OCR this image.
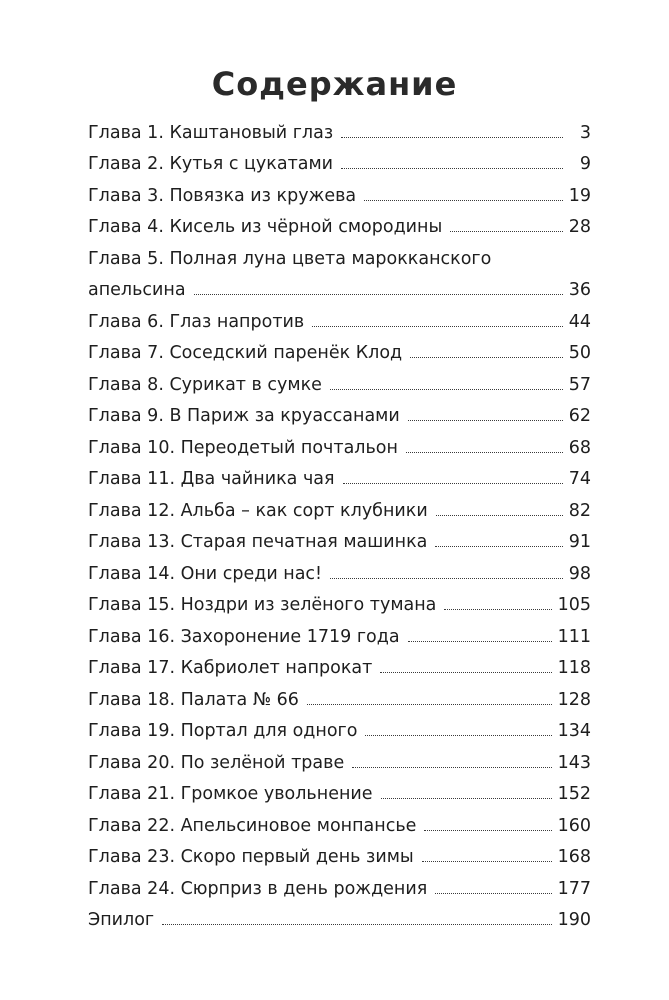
Содержание
Глава 1. Каштановый глаз	3
Глава 2. Кутья с цукатами	9
Глава 3. Повязка из кружева	19
Глава 4. Кисель из чёрной смородины	28
Глава 5. Полная луна цвета марокканского
апельсина	36
Глава 6. Глаз напротив	44
Глава 7. Соседский паренёк Клод	50
Глава 8. Сурикат в сумке	57
Глава 9. В Париж за круассанами	62
Глава 10. Переодетый почтальон	68
Глава 11. Два чайника чая	74
Глава 12. Альба – как сорт клубники	82
Глава 13. Старая печатная машинка	91
Глава 14. Они среди нас!	98
Глава 15. Ноздри из зелёного тумана	105
Глава 16. Захоронение 1719 года	111
Глава 17. Кабриолет напрокат	118
Глава 18. Палата № 66	128
Глава 19. Портал для одного	134
Глава 20. По зелёной траве	143
Глава 21. Громкое увольнение	152
Глава 22. Апельсиновое монпансье	160
Глава 23. Скоро первый день зимы	168
Глава 24. Сюрприз в день рождения	177
Эпилог	190
